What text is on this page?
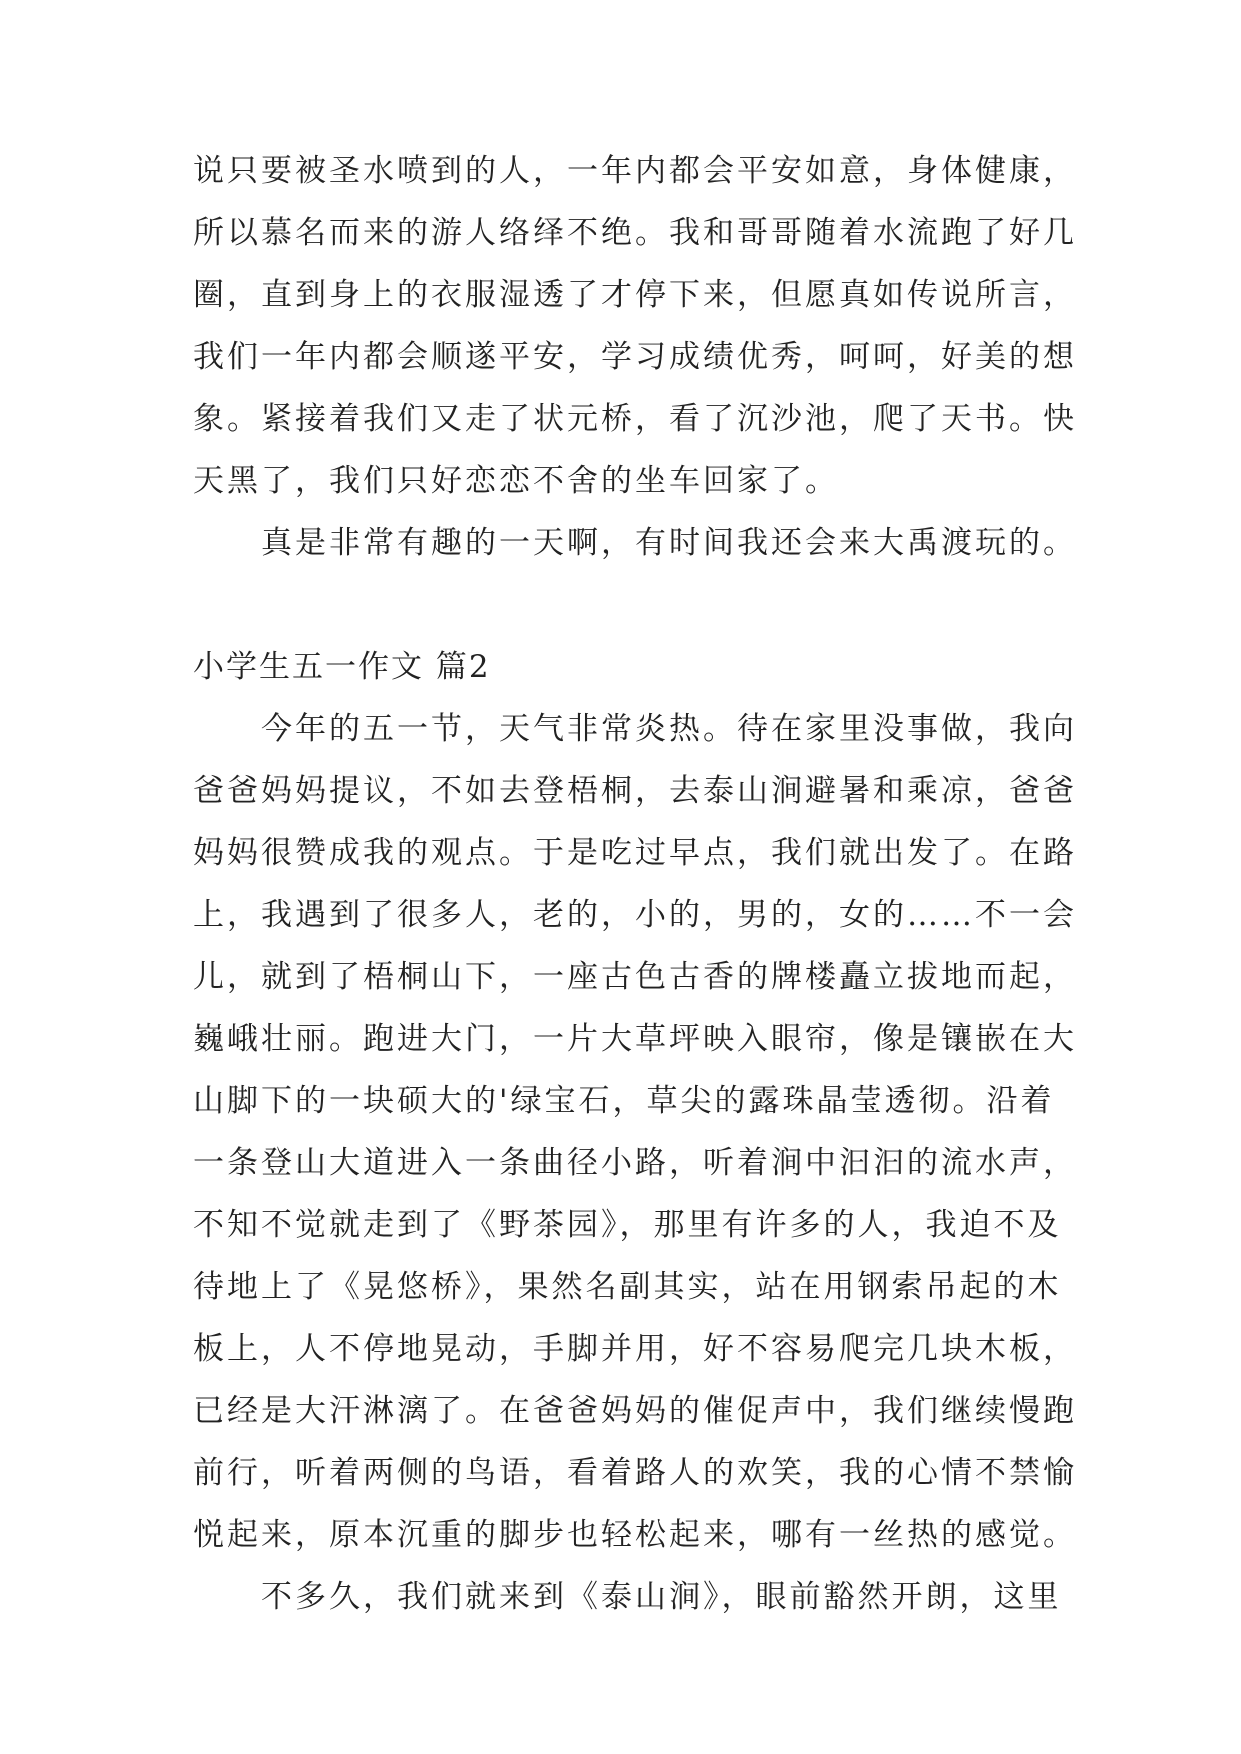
说只要被圣水喷到的人，一年内都会平安如意，身体健康，
所以慕名而来的游人络绎不绝。我和哥哥随着水流跑了好几
圈，直到身上的衣服湿透了才停下来，但愿真如传说所言，
我们一年内都会顺遂平安，学习成绩优秀，呵呵，好美的想
象。紧接着我们又走了状元桥，看了沉沙池，爬了天书。快
天黑了，我们只好恋恋不舍的坐车回家了。
真是非常有趣的一天啊，有时间我还会来大禹渡玩的。
小学生五一作文 篇2
今年的五一节，天气非常炎热。待在家里没事做，我向
爸爸妈妈提议，不如去登梧桐，去泰山涧避暑和乘凉，爸爸
妈妈很赞成我的观点。于是吃过早点，我们就出发了。在路
上，我遇到了很多人，老的，小的，男的，女的……不一会
儿，就到了梧桐山下，一座古色古香的牌楼矗立拔地而起，
巍峨壮丽。跑进大门，一片大草坪映入眼帘，像是镶嵌在大
山脚下的一块硕大的'绿宝石，草尖的露珠晶莹透彻。沿着
一条登山大道进入一条曲径小路，听着涧中汩汩的流水声，
不知不觉就走到了《野茶园》，那里有许多的人，我迫不及
待地上了《晃悠桥》，果然名副其实，站在用钢索吊起的木
板上，人不停地晃动，手脚并用，好不容易爬完几块木板，
已经是大汗淋漓了。在爸爸妈妈的催促声中，我们继续慢跑
前行，听着两侧的鸟语，看着路人的欢笑，我的心情不禁愉
悦起来，原本沉重的脚步也轻松起来，哪有一丝热的感觉。
不多久，我们就来到《泰山涧》，眼前豁然开朗，这里
